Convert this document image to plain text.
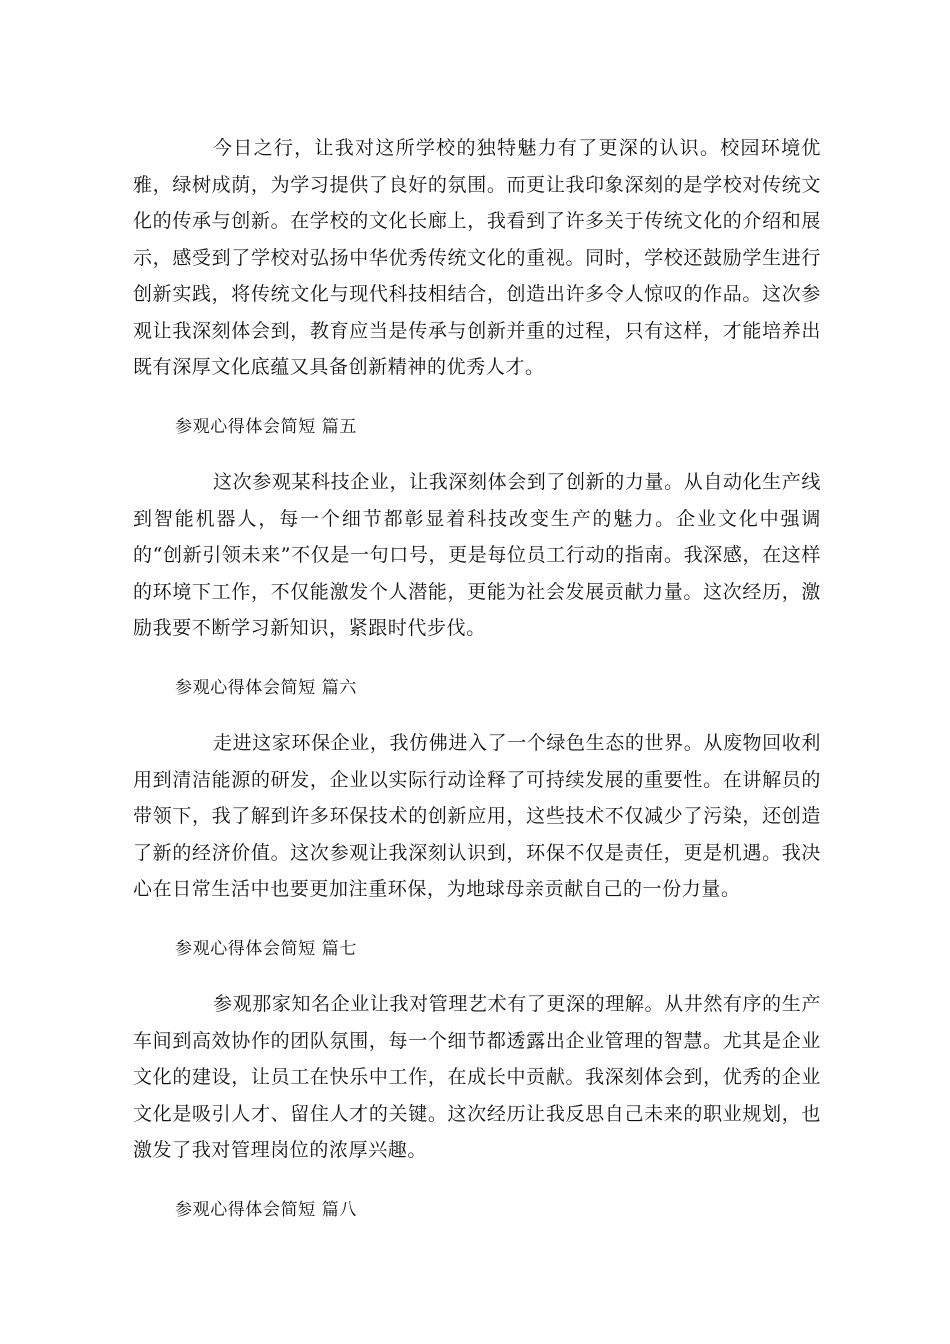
今日之行，让我对这所学校的独特魅力有了更深的认识。校园环境优雅，绿树成荫，为学习提供了良好的氛围。而更让我印象深刻的是学校对传统文化的传承与创新。在学校的文化长廊上，我看到了许多关于传统文化的介绍和展示，感受到了学校对弘扬中华优秀传统文化的重视。同时，学校还鼓励学生进行创新实践，将传统文化与现代科技相结合，创造出许多令人惊叹的作品。这次参观让我深刻体会到，教育应当是传承与创新并重的过程，只有这样，才能培养出既有深厚文化底蕴又具备创新精神的优秀人才。

参观心得体会简短 篇五

这次参观某科技企业，让我深刻体会到了创新的力量。从自动化生产线到智能机器人，每一个细节都彰显着科技改变生产的魅力。企业文化中强调的“创新引领未来”不仅是一句口号，更是每位员工行动的指南。我深感，在这样的环境下工作，不仅能激发个人潜能，更能为社会发展贡献力量。这次经历，激励我要不断学习新知识，紧跟时代步伐。

参观心得体会简短 篇六

走进这家环保企业，我仿佛进入了一个绿色生态的世界。从废物回收利用到清洁能源的研发，企业以实际行动诠释了可持续发展的重要性。在讲解员的带领下，我了解到许多环保技术的创新应用，这些技术不仅减少了污染，还创造了新的经济价值。这次参观让我深刻认识到，环保不仅是责任，更是机遇。我决心在日常生活中也要更加注重环保，为地球母亲贡献自己的一份力量。

参观心得体会简短 篇七

参观那家知名企业让我对管理艺术有了更深的理解。从井然有序的生产车间到高效协作的团队氛围，每一个细节都透露出企业管理的智慧。尤其是企业文化的建设，让员工在快乐中工作，在成长中贡献。我深刻体会到，优秀的企业文化是吸引人才、留住人才的关键。这次经历让我反思自己未来的职业规划，也激发了我对管理岗位的浓厚兴趣。

参观心得体会简短 篇八
